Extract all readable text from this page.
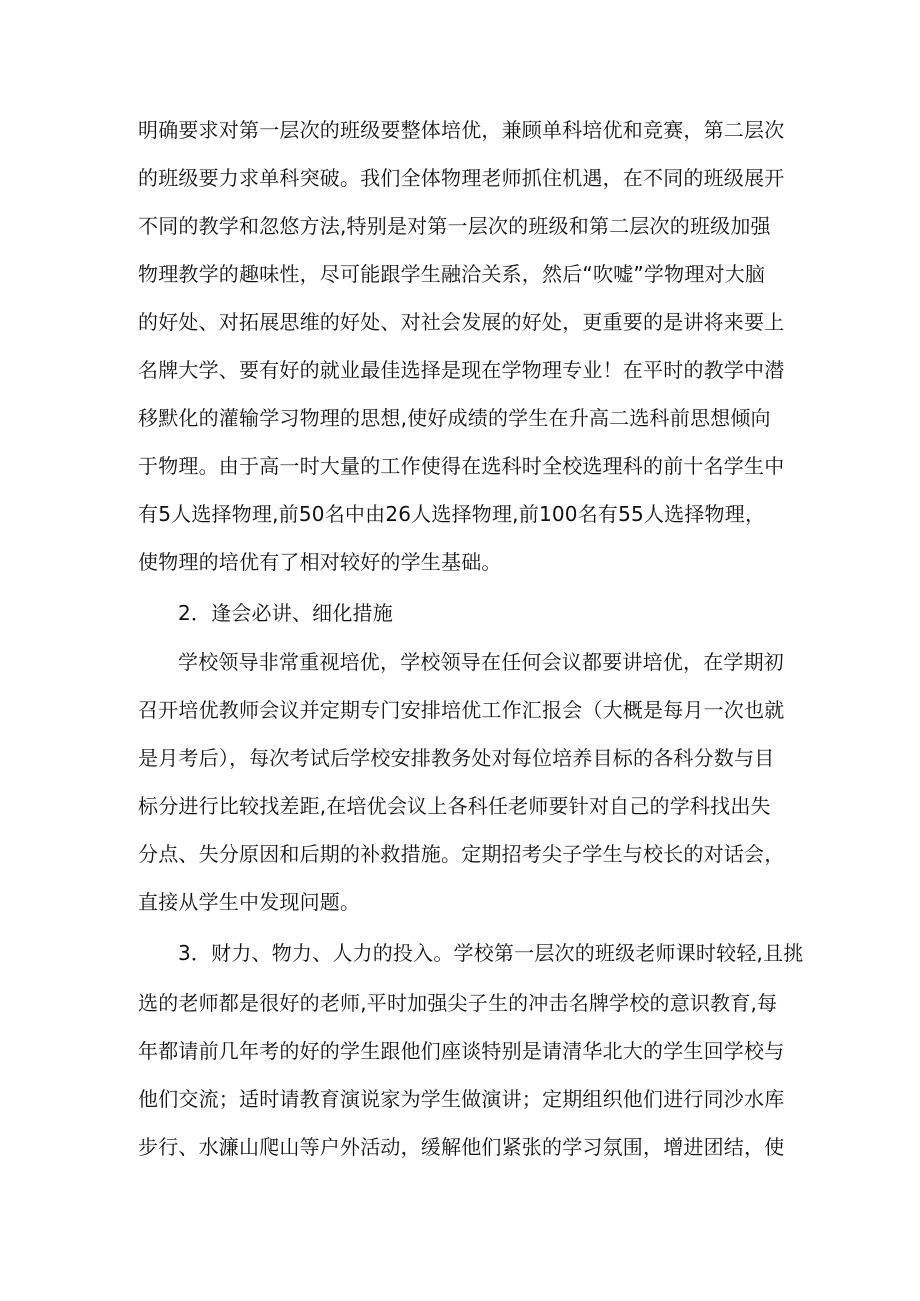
明确要求对第一层次的班级要整体培优，兼顾单科培优和竞赛，第二层次
的班级要力求单科突破。我们全体物理老师抓住机遇，在不同的班级展开
不同的教学和忽悠方法,特别是对第一层次的班级和第二层次的班级加强
物理教学的趣味性，尽可能跟学生融洽关系，然后“吹嘘”学物理对大脑
的好处、对拓展思维的好处、对社会发展的好处，更重要的是讲将来要上
名牌大学、要有好的就业最佳选择是现在学物理专业！在平时的教学中潜
移默化的灌输学习物理的思想,使好成绩的学生在升高二选科前思想倾向
于物理。由于高一时大量的工作使得在选科时全校选理科的前十名学生中
有5人选择物理,前50名中由26人选择物理,前100名有55人选择物理，
使物理的培优有了相对较好的学生基础。
2．逢会必讲、细化措施
学校领导非常重视培优，学校领导在任何会议都要讲培优，在学期初
召开培优教师会议并定期专门安排培优工作汇报会（大概是每月一次也就
是月考后），每次考试后学校安排教务处对每位培养目标的各科分数与目
标分进行比较找差距,在培优会议上各科任老师要针对自己的学科找出失
分点、失分原因和后期的补救措施。定期招考尖子学生与校长的对话会，
直接从学生中发现问题。
3．财力、物力、人力的投入。学校第一层次的班级老师课时较轻,且挑
选的老师都是很好的老师,平时加强尖子生的冲击名牌学校的意识教育,每
年都请前几年考的好的学生跟他们座谈特别是请清华北大的学生回学校与
他们交流；适时请教育演说家为学生做演讲；定期组织他们进行同沙水库
步行、水濂山爬山等户外活动，缓解他们紧张的学习氛围，增进团结，使
